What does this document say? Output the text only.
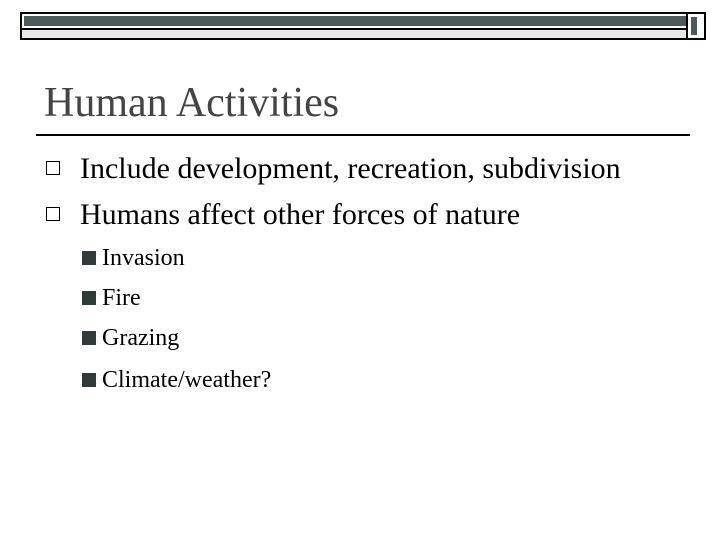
Human Activities
Include development, recreation, subdivision
Humans affect other forces of nature
Invasion
Fire
Grazing
Climate/weather?
